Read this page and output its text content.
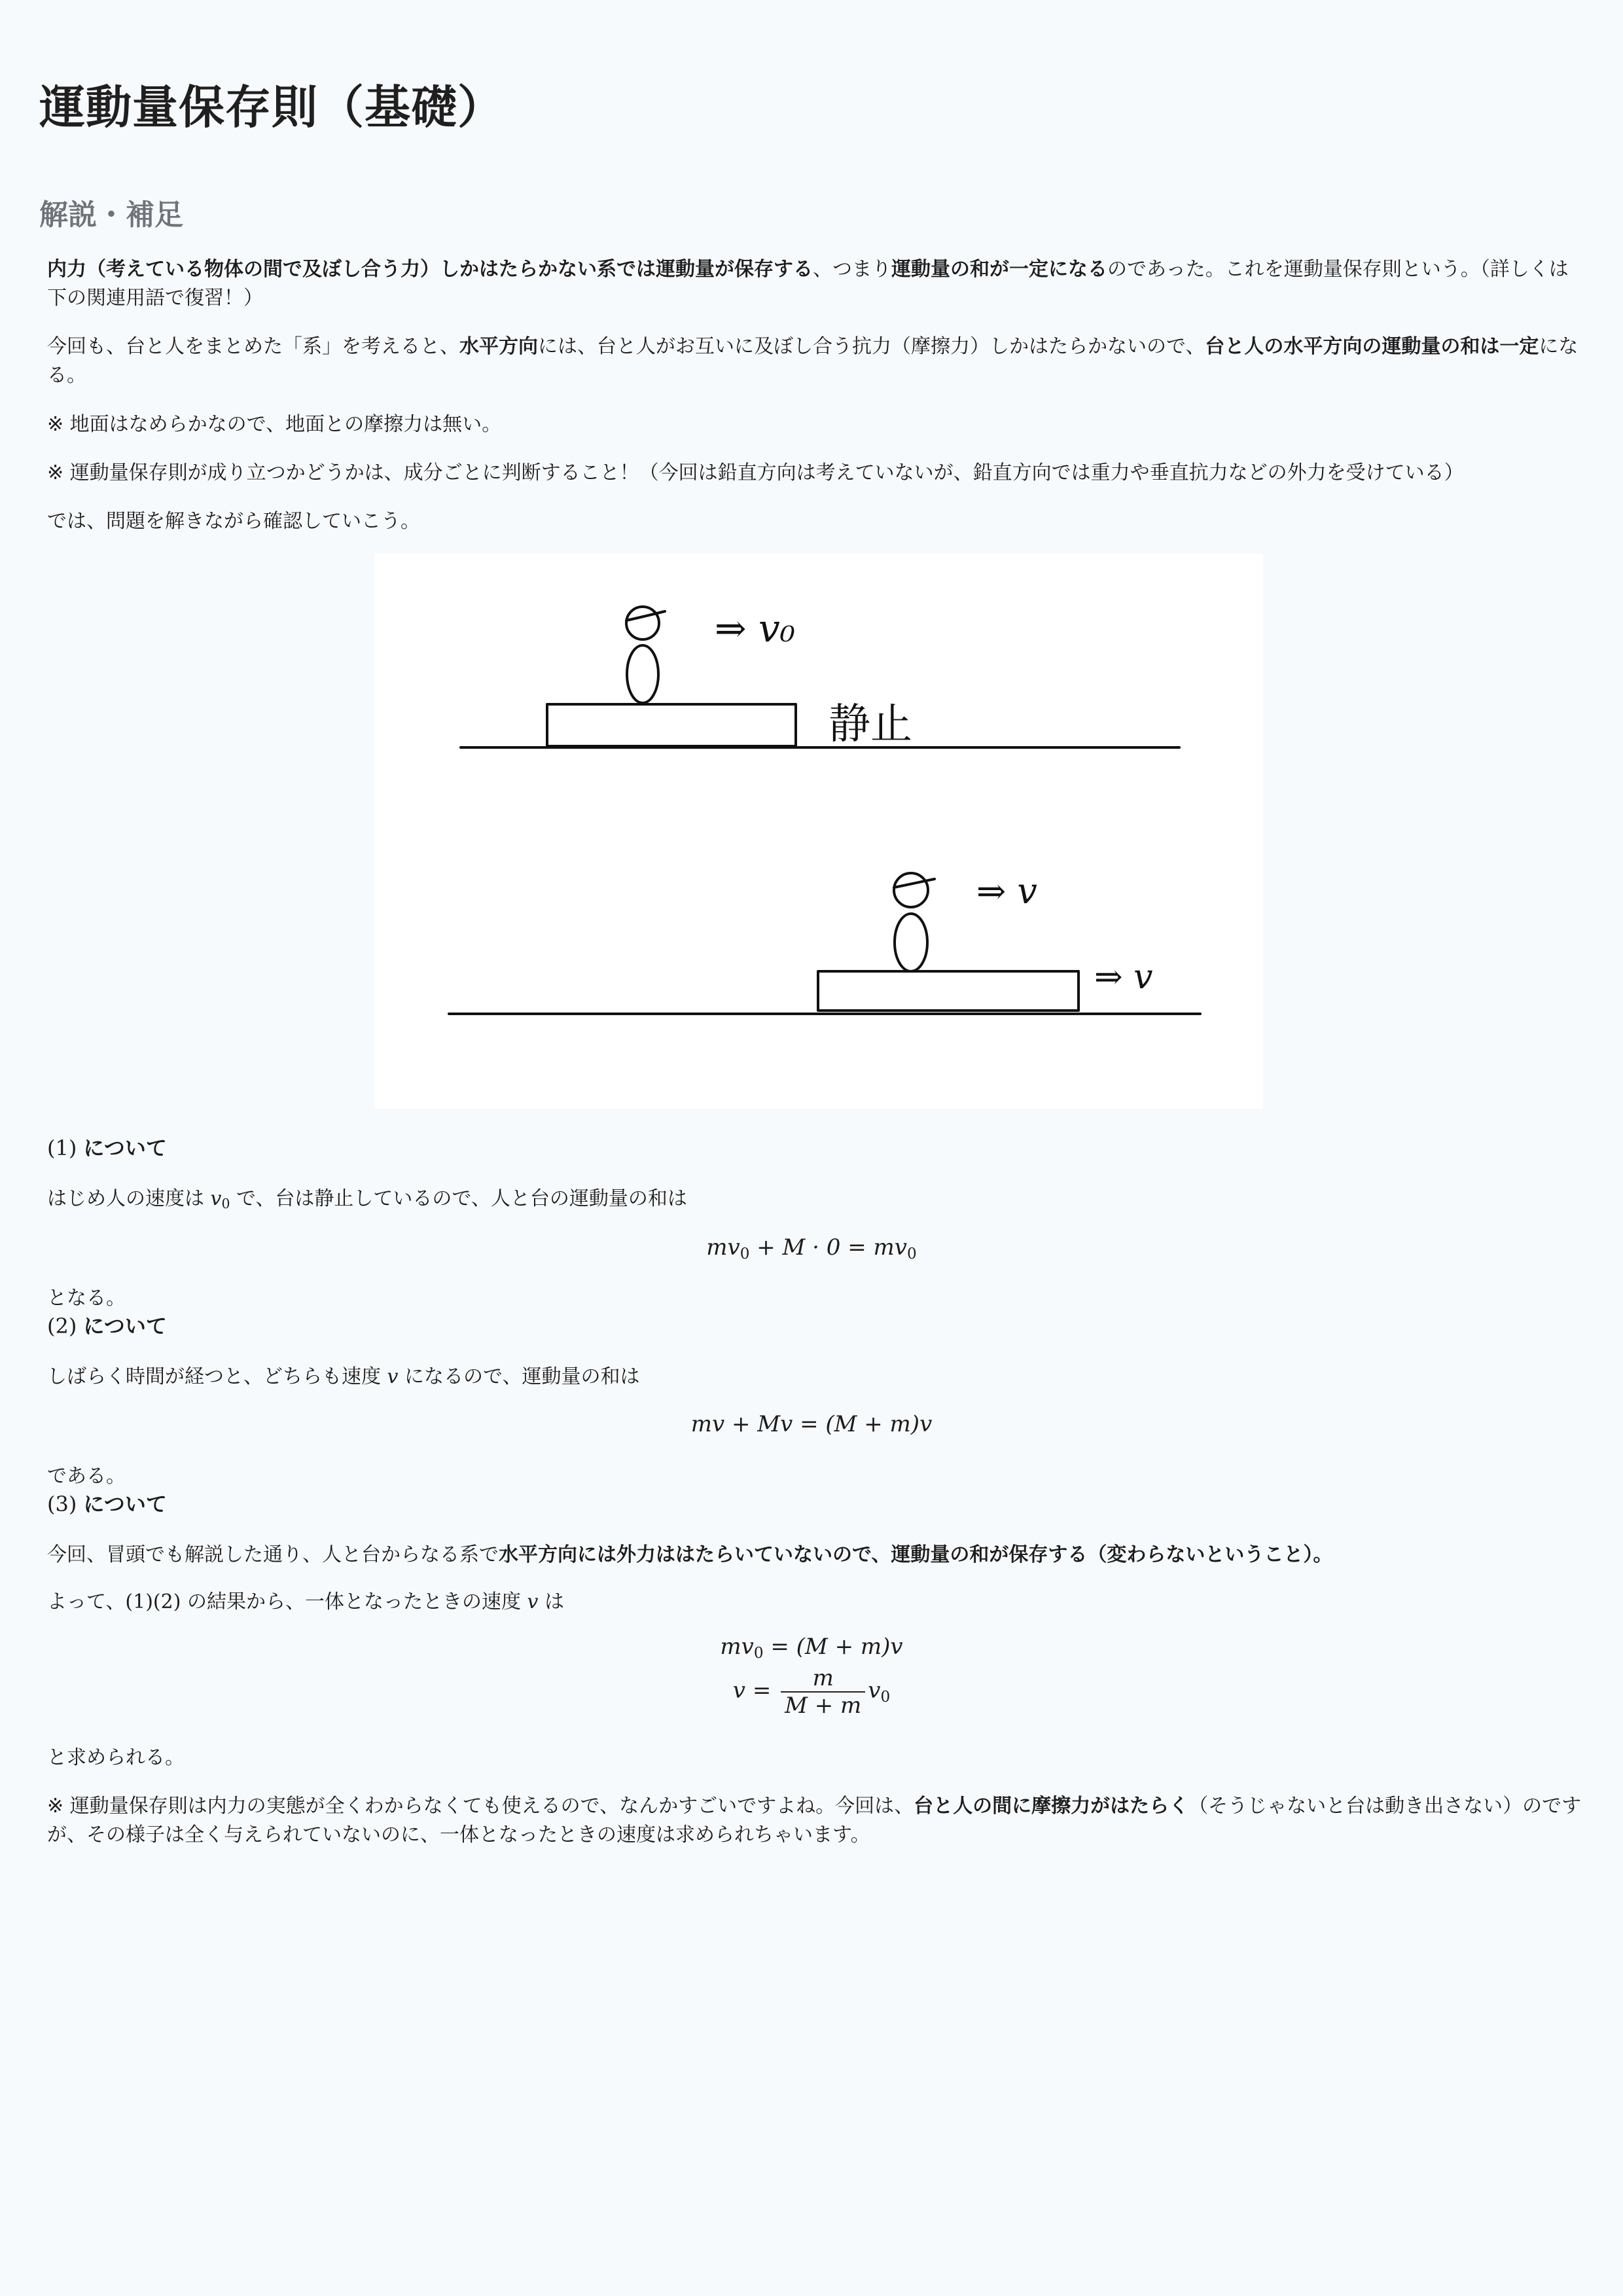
運動量保存則（基礎）
解説・補足
内力（考えている物体の間で及ぼし合う力）しかはたらかない系では運動量が保存する、つまり運動量の和が一定になるのであった。これを運動量保存則という。（詳しくは下の関連用語で復習！）
今回も、台と人をまとめた「系」を考えると、水平方向には、台と人がお互いに及ぼし合う抗力（摩擦力）しかはたらかないので、台と人の水平方向の運動量の和は一定になる。
※ 地面はなめらかなので、地面との摩擦力は無い。
※ 運動量保存則が成り立つかどうかは、成分ごとに判断すること！（今回は鉛直方向は考えていないが、鉛直方向では重力や垂直抗力などの外力を受けている）
では、問題を解きながら確認していこう。
⇒ v₀
静止
⇒ v
⇒ v
(1) について
はじめ人の速度は $v_0$ で、台は静止しているので、人と台の運動量の和は
$mv_0 + M \cdot 0 = mv_0$
となる。
(2) について
しばらく時間が経つと、どちらも速度 v になるので、運動量の和は
mv + Mv = (M + m)v
である。
(3) について
今回、冒頭でも解説した通り、人と台からなる系で水平方向には外力ははたらいていないので、運動量の和が保存する（変わらないということ）。
よって、(1)(2) の結果から、一体となったときの速度 v は
$mv_0 = (M + m)v$
$v = \frac{m}{M + m} v_0$
と求められる。
※ 運動量保存則は内力の実態が全くわからなくても使えるので、なんかすごいですよね。今回は、台と人の間に摩擦力がはたらく（そうじゃないと台は動き出さない）のですが、その様子は全く与えられていないのに、一体となったときの速度は求められちゃいます。
